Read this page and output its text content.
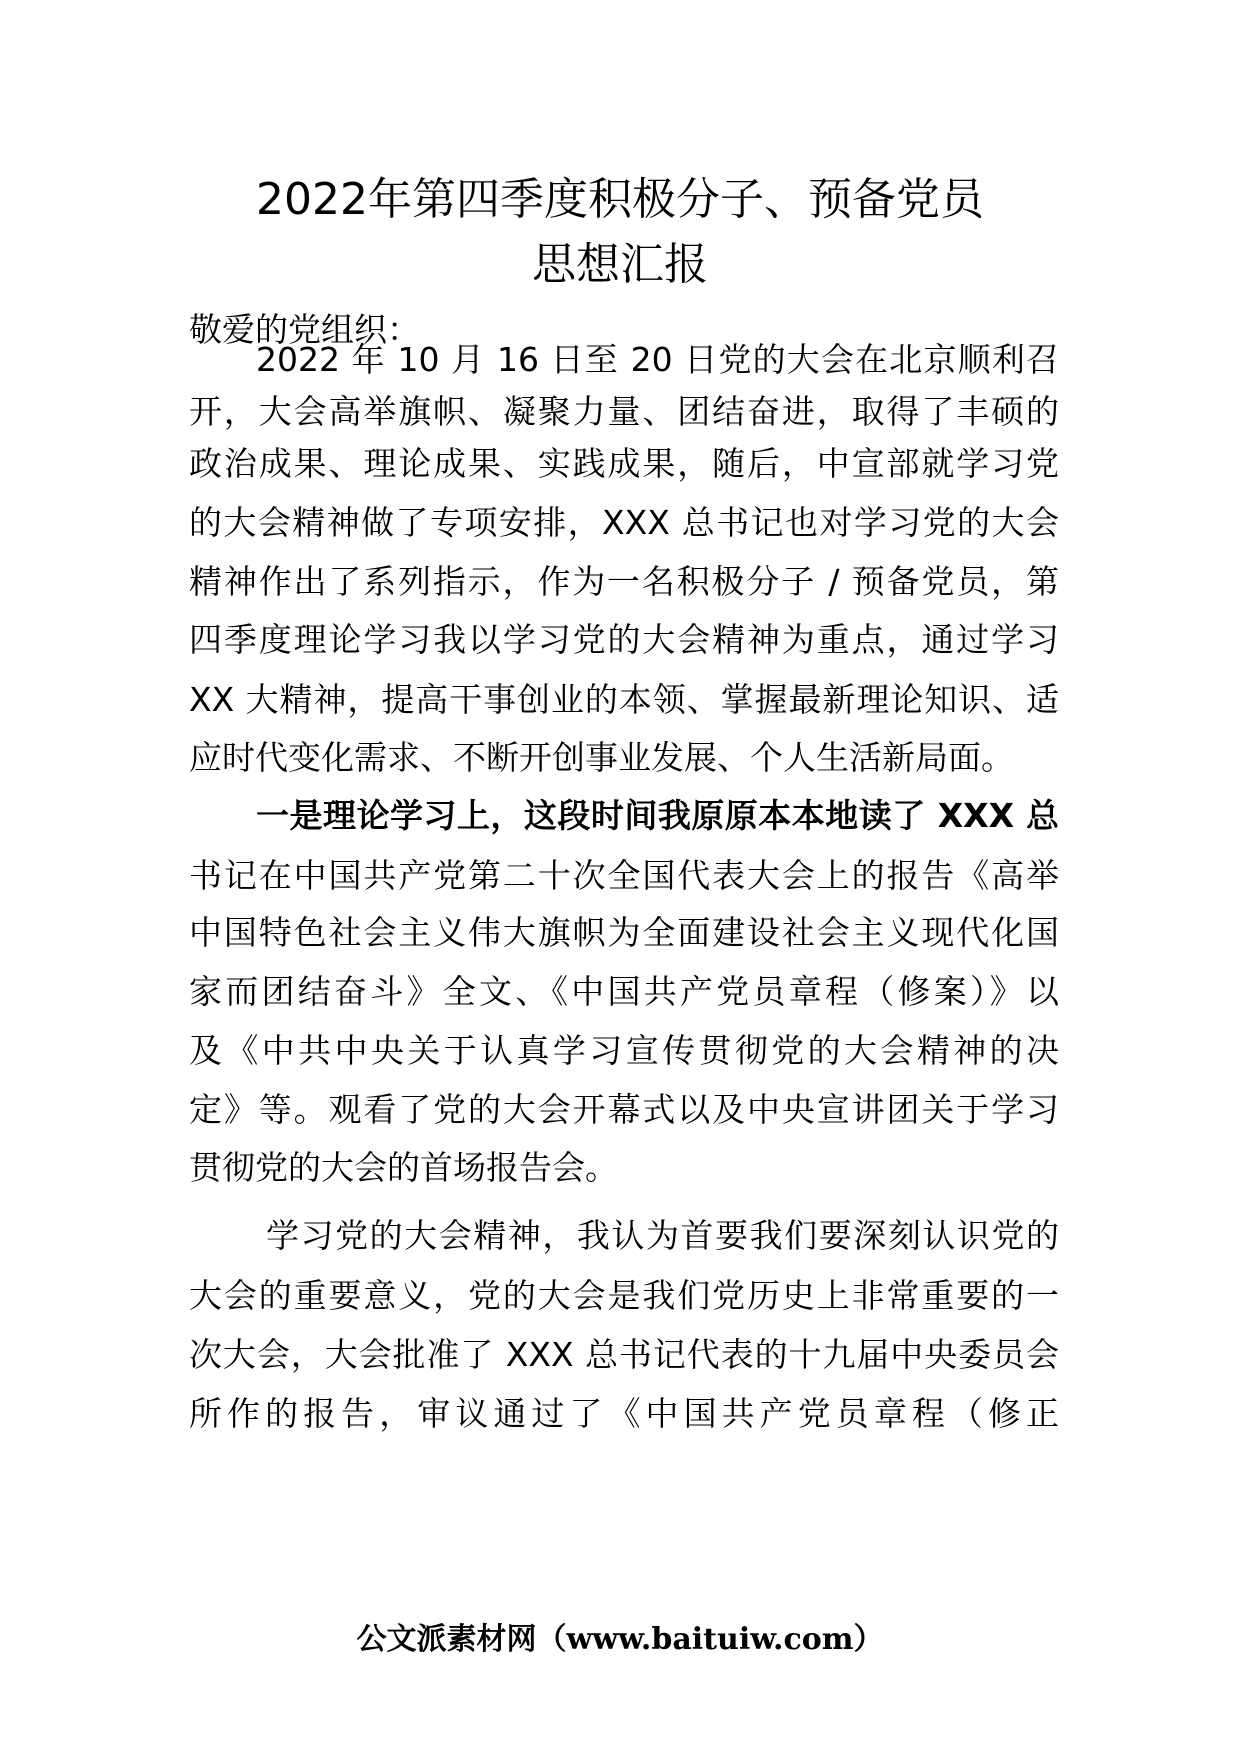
2022年第四季度积极分子、预备党员
思想汇报
敬爱的党组织：
2022 年 10 月 16 日至 20 日党的大会在北京顺利召
开，大会高举旗帜、凝聚力量、团结奋进，取得了丰硕的
政治成果、理论成果、实践成果，随后，中宣部就学习党
的大会精神做了专项安排，XXX 总书记也对学习党的大会
精神作出了系列指示，作为一名积极分子 / 预备党员，第
四季度理论学习我以学习党的大会精神为重点，通过学习
XX 大精神，提高干事创业的本领、掌握最新理论知识、适
应时代变化需求、不断开创事业发展、个人生活新局面。
一是理论学习上，这段时间我原原本本地读了 XXX 总
书记在中国共产党第二十次全国代表大会上的报告《高举
中国特色社会主义伟大旗帜为全面建设社会主义现代化国
家而团结奋斗》全文、《中国共产党员章程（修案）》以
及《中共中央关于认真学习宣传贯彻党的大会精神的决
定》等。观看了党的大会开幕式以及中央宣讲团关于学习
贯彻党的大会的首场报告会。
学习党的大会精神，我认为首要我们要深刻认识党的
大会的重要意义，党的大会是我们党历史上非常重要的一
次大会，大会批准了 XXX 总书记代表的十九届中央委员会
所作的报告，审议通过了《中国共产党员章程（修正
公文派素材网（www.baituiw.com）
